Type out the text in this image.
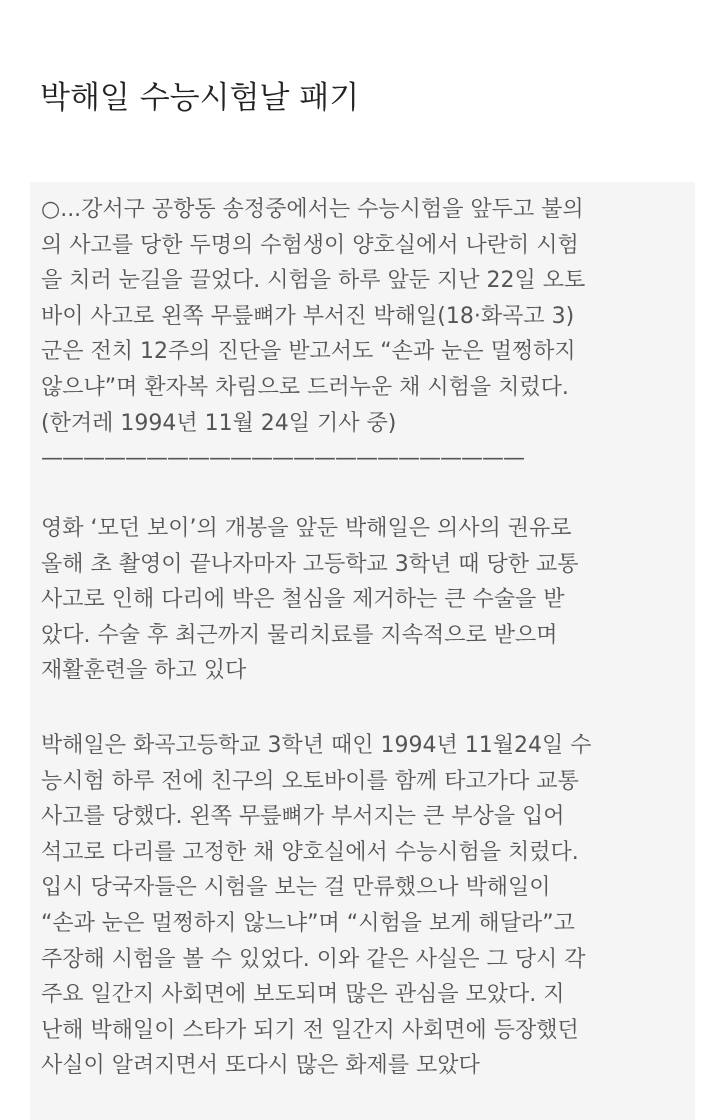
박해일 수능시험날 패기

○...강서구 공항동 송정중에서는 수능시험을 앞두고 불의
의 사고를 당한 두명의 수험생이 양호실에서 나란히 시험
을 치러 눈길을 끌었다. 시험을 하루 앞둔 지난 22일 오토
바이 사고로 왼쪽 무릎뼈가 부서진 박해일(18·화곡고 3)
군은 전치 12주의 진단을 받고서도 “손과 눈은 멀쩡하지
않으냐”며 환자복 차림으로 드러누운 채 시험을 치렀다.
(한겨레 1994년 11월 24일 기사 중)
———————————————————————

영화 ‘모던 보이’의 개봉을 앞둔 박해일은 의사의 권유로
올해 초 촬영이 끝나자마자 고등학교 3학년 때 당한 교통
사고로 인해 다리에 박은 철심을 제거하는 큰 수술을 받
았다. 수술 후 최근까지 물리치료를 지속적으로 받으며
재활훈련을 하고 있다

박해일은 화곡고등학교 3학년 때인 1994년 11월24일 수
능시험 하루 전에 친구의 오토바이를 함께 타고가다 교통
사고를 당했다. 왼쪽 무릎뼈가 부서지는 큰 부상을 입어
석고로 다리를 고정한 채 양호실에서 수능시험을 치렀다.
입시 당국자들은 시험을 보는 걸 만류했으나 박해일이
“손과 눈은 멀쩡하지 않느냐”며 “시험을 보게 해달라”고
주장해 시험을 볼 수 있었다. 이와 같은 사실은 그 당시 각
주요 일간지 사회면에 보도되며 많은 관심을 모았다. 지
난해 박해일이 스타가 되기 전 일간지 사회면에 등장했던
사실이 알려지면서 또다시 많은 화제를 모았다
